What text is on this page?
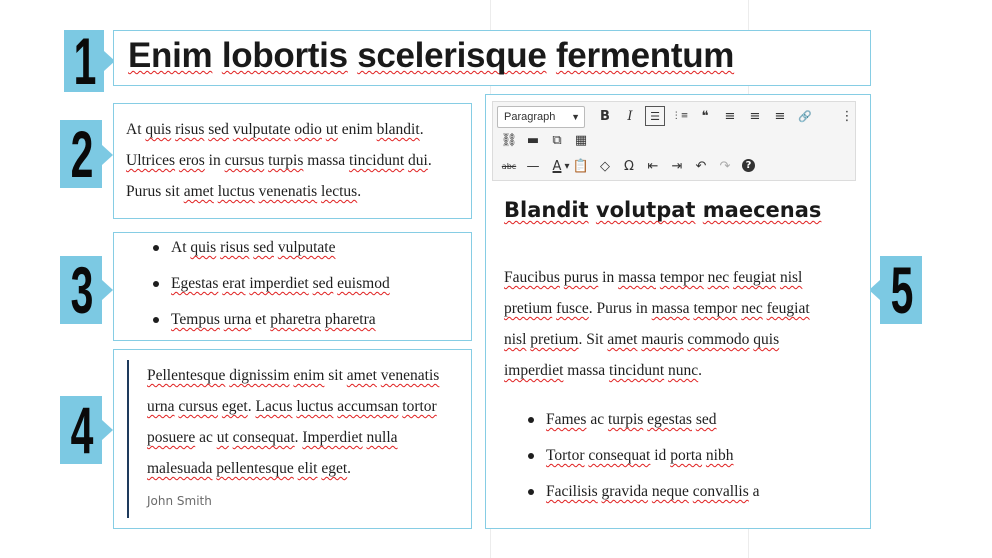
1
2
3
4
5
Enim lobortis scelerisque fermentum
At quis risus sed vulputate odio ut enim blandit.
Ultrices eros in cursus turpis massa tincidunt dui.
Purus sit amet luctus venenatis lectus.
At quis risus sed vulputate
Egestas erat imperdiet sed euismod
Tempus urna et pharetra pharetra
Pellentesque dignissim enim sit amet venenatis
urna cursus eget. Lacus luctus accumsan tortor
posuere ac ut consequat. Imperdiet nulla
malesuada pellentesque elit eget.
John Smith
Paragraph ▼	B	I	☰	⋮≡	❝	≡	≡	≡	🔗 ⋮
⛓ ▬	⧉	▦
abc —	A 📋 ◇	Ω	⇤	⇥	↶	↷	?
▾
Blandit volutpat maecenas
Faucibus purus in massa tempor nec feugiat nisl
pretium fusce. Purus in massa tempor nec feugiat
nisl pretium. Sit amet mauris commodo quis
imperdiet massa tincidunt nunc.
Fames ac turpis egestas sed
Tortor consequat id porta nibh
Facilisis gravida neque convallis a
